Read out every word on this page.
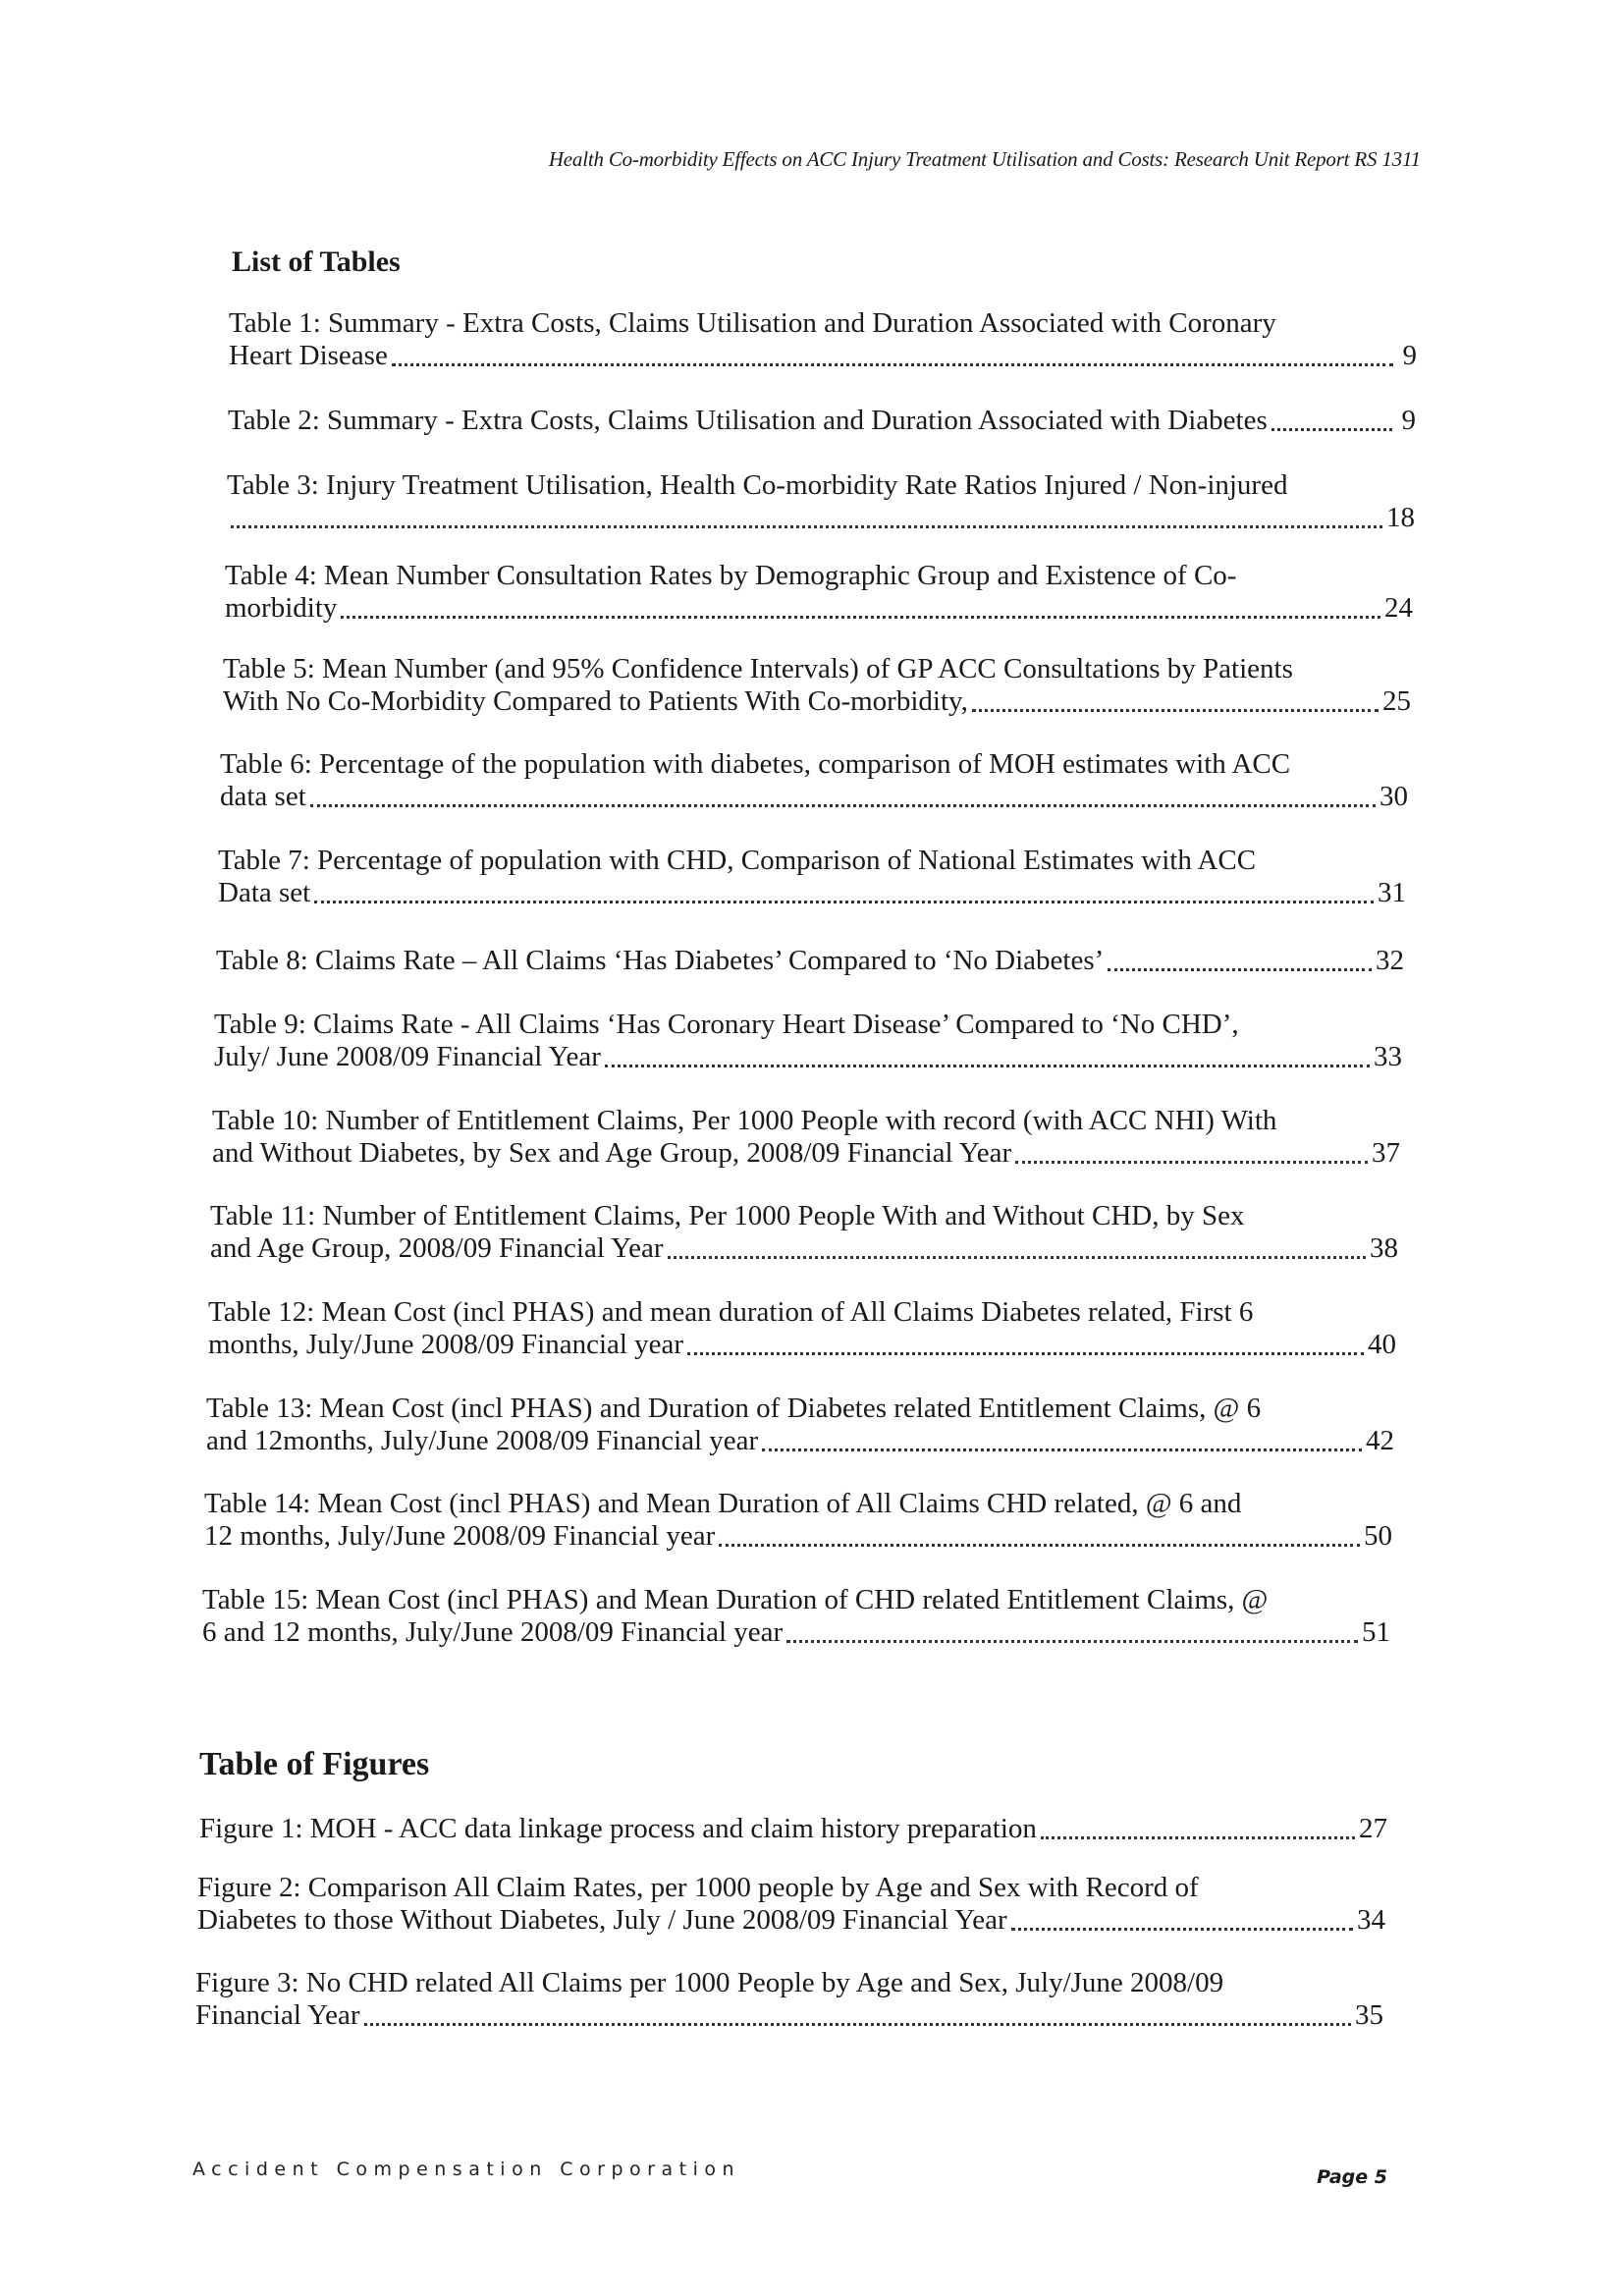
Health Co-morbidity Effects on ACC Injury Treatment Utilisation and Costs: Research Unit Report RS 1311
List of Tables
Table 1: Summary - Extra Costs, Claims Utilisation and Duration Associated with Coronary
Heart Disease	9
Table 2: Summary - Extra Costs, Claims Utilisation and Duration Associated with Diabetes	9
Table 3: Injury Treatment Utilisation, Health Co-morbidity Rate Ratios Injured / Non-injured
18
Table 4: Mean Number Consultation Rates by Demographic Group and Existence of Co-
morbidity	24
Table 5: Mean Number (and 95% Confidence Intervals) of GP ACC Consultations by Patients
With No Co-Morbidity Compared to Patients With Co-morbidity,	25
Table 6: Percentage of the population with diabetes, comparison of MOH estimates with ACC
data set	30
Table 7: Percentage of population with CHD, Comparison of National Estimates with ACC
Data set	31
Table 8: Claims Rate – All Claims ‘Has Diabetes’ Compared to ‘No Diabetes’	32
Table 9: Claims Rate - All Claims ‘Has Coronary Heart Disease’ Compared to ‘No CHD’,
July/ June 2008/09 Financial Year	33
Table 10: Number of Entitlement Claims, Per 1000 People with record (with ACC NHI) With
and Without Diabetes, by Sex and Age Group, 2008/09 Financial Year	37
Table 11: Number of Entitlement Claims, Per 1000 People With and Without CHD, by Sex
and Age Group, 2008/09 Financial Year	38
Table 12: Mean Cost (incl PHAS) and mean duration of All Claims Diabetes related, First 6
months, July/June 2008/09 Financial year	40
Table 13: Mean Cost (incl PHAS) and Duration of Diabetes related Entitlement Claims, @ 6
and 12months, July/June 2008/09 Financial year	42
Table 14: Mean Cost (incl PHAS) and Mean Duration of All Claims CHD related, @ 6 and
12 months, July/June 2008/09 Financial year	50
Table 15: Mean Cost (incl PHAS) and Mean Duration of CHD related Entitlement Claims, @
6 and 12 months, July/June 2008/09 Financial year	51
Table of Figures
Figure 1: MOH - ACC data linkage process and claim history preparation	27
Figure 2: Comparison All Claim Rates, per 1000 people by Age and Sex with Record of
Diabetes to those Without Diabetes, July / June 2008/09 Financial Year	34
Figure 3: No CHD related All Claims per 1000 People by Age and Sex, July/June 2008/09
Financial Year	35
Accident Compensation Corporation	Page 5
